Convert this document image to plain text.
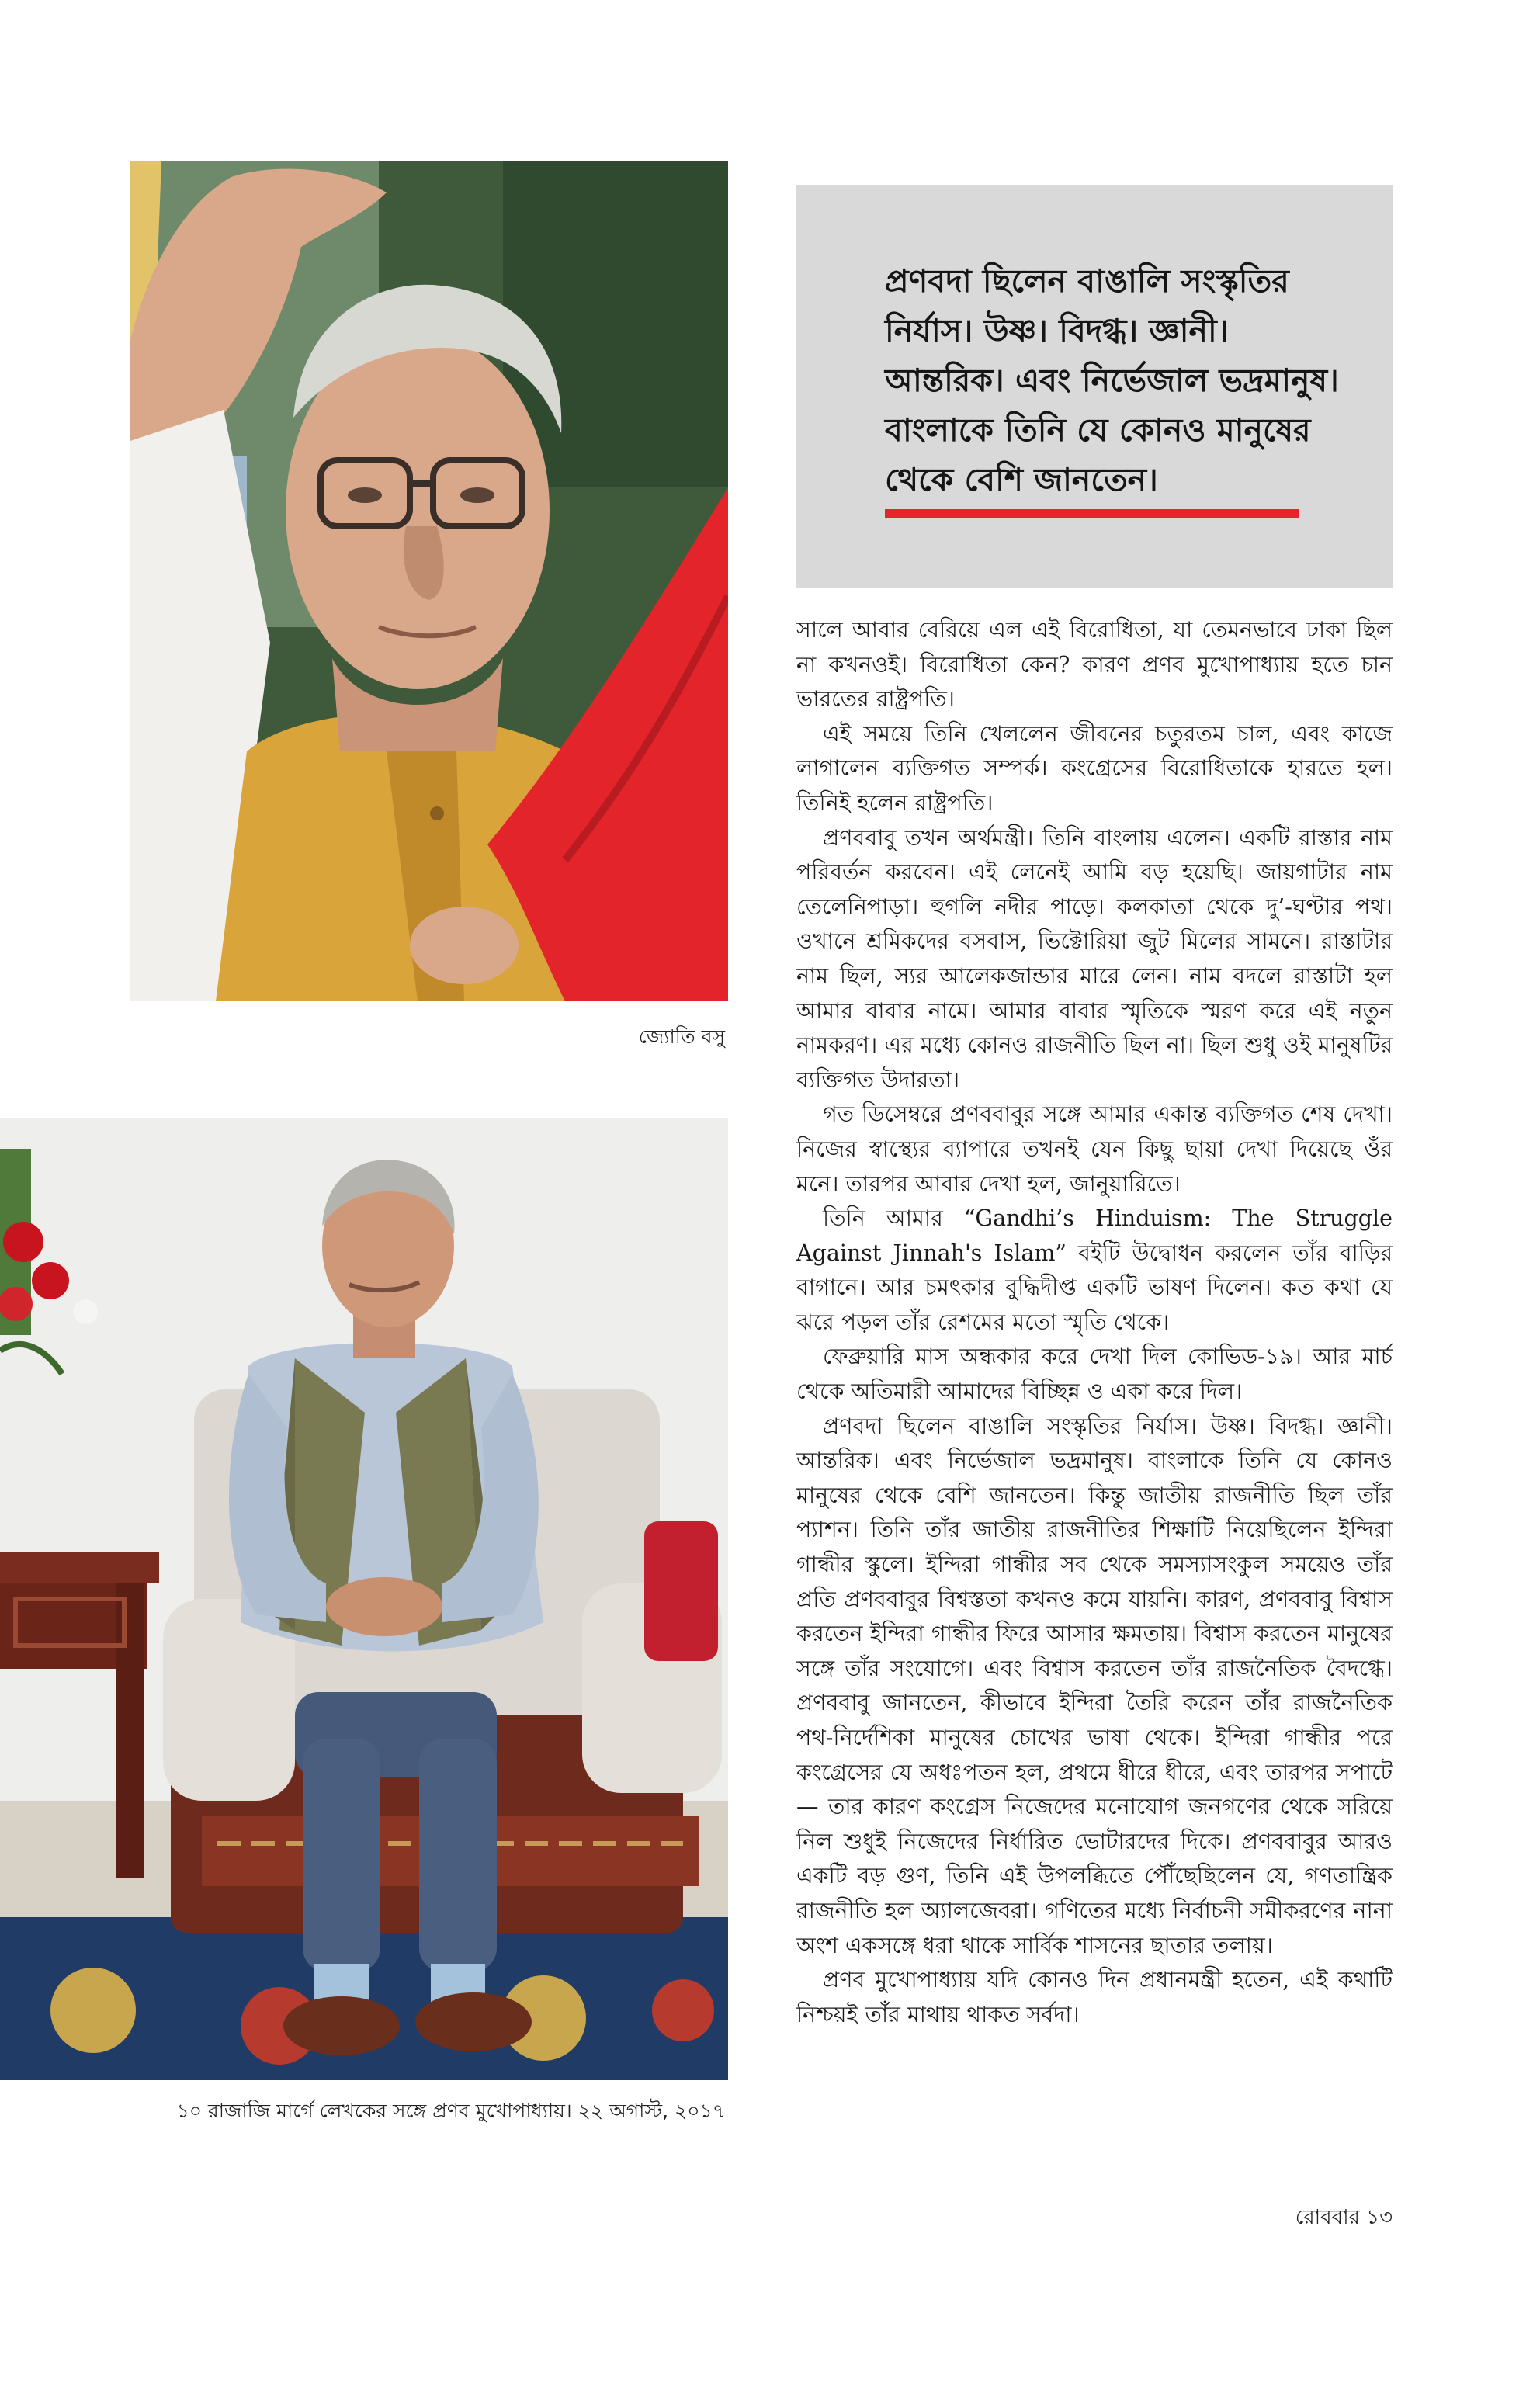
জ্যোতি বসু
১০ রাজাজি মার্গে লেখকের সঙ্গে প্রণব মুখোপাধ্যায়। ২২ অগাস্ট, ২০১৭

প্রণবদা ছিলেন বাঙালি সংস্কৃতির নির্যাস। উষ্ণ। বিদগ্ধ। জ্ঞানী। আন্তরিক। এবং নির্ভেজাল ভদ্রমানুষ। বাংলাকে তিনি যে কোনও মানুষের থেকে বেশি জানতেন।

সালে আবার বেরিয়ে এল এই বিরোধিতা, যা তেমনভাবে ঢাকা ছিল না কখনওই। বিরোধিতা কেন? কারণ প্রণব মুখোপাধ্যায় হতে চান ভারতের রাষ্ট্রপতি।

এই সময়ে তিনি খেললেন জীবনের চতুরতম চাল, এবং কাজে লাগালেন ব্যক্তিগত সম্পর্ক। কংগ্রেসের বিরোধিতাকে হারতে হল। তিনিই হলেন রাষ্ট্রপতি।

প্রণববাবু তখন অর্থমন্ত্রী। তিনি বাংলায় এলেন। একটি রাস্তার নাম পরিবর্তন করবেন। এই লেনেই আমি বড় হয়েছি। জায়গাটার নাম তেলেনিপাড়া। হুগলি নদীর পাড়ে। কলকাতা থেকে দু’-ঘণ্টার পথ। ওখানে শ্রমিকদের বসবাস, ভিক্টোরিয়া জুট মিলের সামনে। রাস্তাটার নাম ছিল, স্যর আলেকজান্ডার মারে লেন। নাম বদলে রাস্তাটা হল আমার বাবার নামে। আমার বাবার স্মৃতিকে স্মরণ করে এই নতুন নামকরণ। এর মধ্যে কোনও রাজনীতি ছিল না। ছিল শুধু ওই মানুষটির ব্যক্তিগত উদারতা।

গত ডিসেম্বরে প্রণববাবুর সঙ্গে আমার একান্ত ব্যক্তিগত শেষ দেখা। নিজের স্বাস্থ্যের ব্যাপারে তখনই যেন কিছু ছায়া দেখা দিয়েছে ওঁর মনে। তারপর আবার দেখা হল, জানুয়ারিতে।

তিনি আমার “Gandhi’s Hinduism: The Struggle Against Jinnah's Islam” বইটি উদ্বোধন করলেন তাঁর বাড়ির বাগানে। আর চমৎকার বুদ্ধিদীপ্ত একটি ভাষণ দিলেন। কত কথা যে ঝরে পড়ল তাঁর রেশমের মতো স্মৃতি থেকে।

ফেব্রুয়ারি মাস অন্ধকার করে দেখা দিল কোভিড-১৯। আর মার্চ থেকে অতিমারী আমাদের বিচ্ছিন্ন ও একা করে দিল।

প্রণবদা ছিলেন বাঙালি সংস্কৃতির নির্যাস। উষ্ণ। বিদগ্ধ। জ্ঞানী। আন্তরিক। এবং নির্ভেজাল ভদ্রমানুষ। বাংলাকে তিনি যে কোনও মানুষের থেকে বেশি জানতেন। কিন্তু জাতীয় রাজনীতি ছিল তাঁর প্যাশন। তিনি তাঁর জাতীয় রাজনীতির শিক্ষাটি নিয়েছিলেন ইন্দিরা গান্ধীর স্কুলে। ইন্দিরা গান্ধীর সব থেকে সমস্যাসংকুল সময়েও তাঁর প্রতি প্রণববাবুর বিশ্বস্ততা কখনও কমে যায়নি। কারণ, প্রণববাবু বিশ্বাস করতেন ইন্দিরা গান্ধীর ফিরে আসার ক্ষমতায়। বিশ্বাস করতেন মানুষের সঙ্গে তাঁর সংযোগে। এবং বিশ্বাস করতেন তাঁর রাজনৈতিক বৈদগ্ধে। প্রণববাবু জানতেন, কীভাবে ইন্দিরা তৈরি করেন তাঁর রাজনৈতিক পথ-নির্দেশিকা মানুষের চোখের ভাষা থেকে। ইন্দিরা গান্ধীর পরে কংগ্রেসের যে অধঃপতন হল, প্রথমে ধীরে ধীরে, এবং তারপর সপাটে— তার কারণ কংগ্রেস নিজেদের মনোযোগ জনগণের থেকে সরিয়ে নিল শুধুই নিজেদের নির্ধারিত ভোটারদের দিকে। প্রণববাবুর আরও একটি বড় গুণ, তিনি এই উপলব্ধিতে পৌঁছেছিলেন যে, গণতান্ত্রিক রাজনীতি হল অ্যালজেবরা। গণিতের মধ্যে নির্বাচনী সমীকরণের নানা অংশ একসঙ্গে ধরা থাকে সার্বিক শাসনের ছাতার তলায়।

প্রণব মুখোপাধ্যায় যদি কোনও দিন প্রধানমন্ত্রী হতেন, এই কথাটি নিশ্চয়ই তাঁর মাথায় থাকত সর্বদা।

রোববার ১৩
